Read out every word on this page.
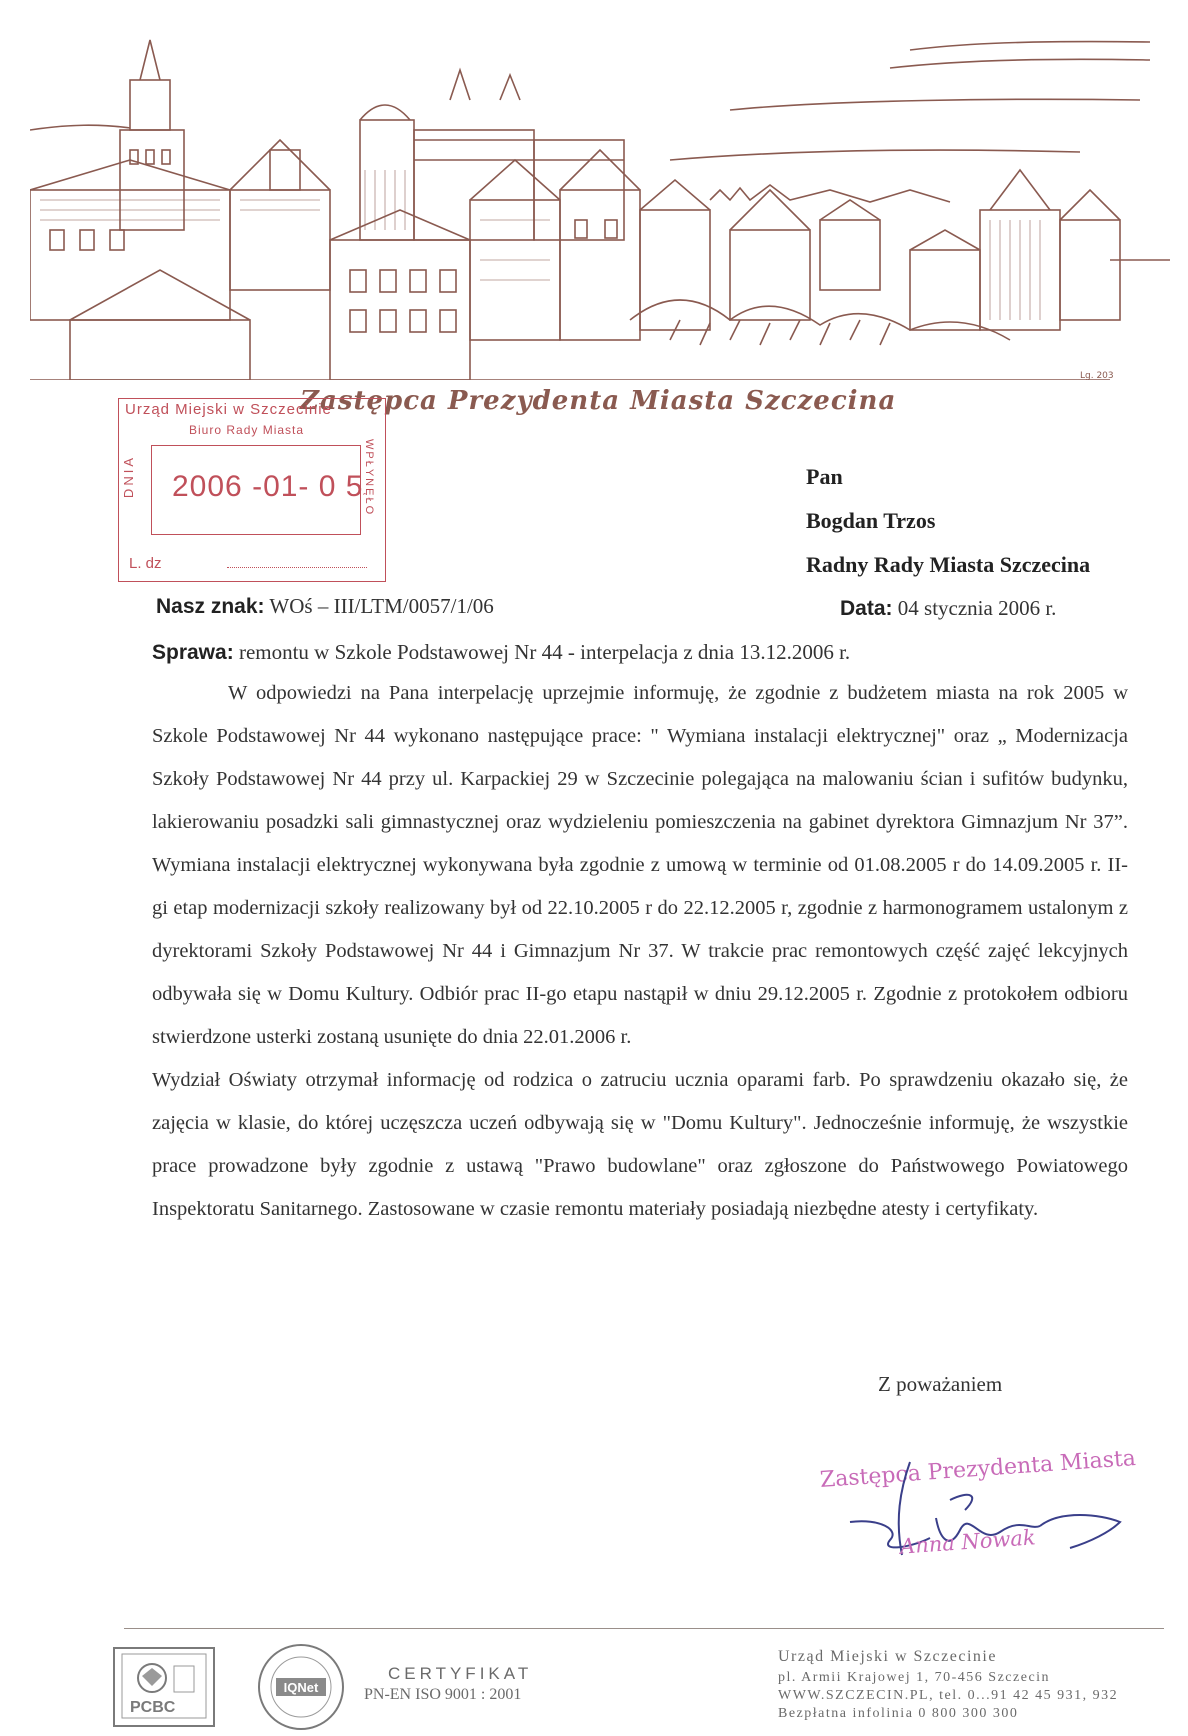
Lg. 203
Zastępca Prezydenta Miasta Szczecina
Urząd Miejski w Szczecinie
Biuro Rady Miasta
2006 -01- 0 5
DNIA	WPŁYNĘŁO
L. dz
Pan
Bogdan Trzos
Radny Rady Miasta Szczecina
Nasz znak: WOś – III/LTM/0057/1/06	Data: 04 stycznia 2006 r.
Sprawa: remontu w Szkole Podstawowej Nr 44 - interpelacja z dnia 13.12.2006 r.

W odpowiedzi na Pana interpelację uprzejmie informuję, że zgodnie z budżetem miasta na rok 2005 w Szkole Podstawowej Nr 44 wykonano następujące prace: " Wymiana instalacji elektrycznej" oraz „ Modernizacja Szkoły Podstawowej Nr 44 przy ul. Karpackiej 29 w Szczecinie polegająca na malowaniu ścian i sufitów budynku, lakierowaniu posadzki sali gimnastycznej oraz wydzieleniu pomieszczenia na gabinet dyrektora Gimnazjum Nr 37”. Wymiana instalacji elektrycznej wykonywana była zgodnie z umową w terminie od 01.08.2005 r do 14.09.2005 r. II-gi etap modernizacji szkoły realizowany był od 22.10.2005 r do 22.12.2005 r, zgodnie z harmonogramem ustalonym z dyrektorami Szkoły Podstawowej Nr 44 i Gimnazjum Nr 37. W trakcie prac remontowych część zajęć lekcyjnych odbywała się w Domu Kultury. Odbiór prac II-go etapu nastąpił w dniu 29.12.2005 r. Zgodnie z protokołem odbioru stwierdzone usterki zostaną usunięte do dnia 22.01.2006 r.

Wydział Oświaty otrzymał informację od rodzica o zatruciu ucznia oparami farb. Po sprawdzeniu okazało się, że zajęcia w klasie, do której uczęszcza uczeń odbywają się w "Domu Kultury". Jednocześnie informuję, że wszystkie prace prowadzone były zgodnie z ustawą "Prawo budowlane" oraz zgłoszone do Państwowego Powiatowego Inspektoratu Sanitarnego. Zastosowane w czasie remontu materiały posiadają niezbędne atesty i certyfikaty.

Z poważaniem
Zastępca Prezydenta Miasta
Anna Nowak
PCBC
IQNet
CERTYFIKAT
PN-EN ISO 9001 : 2001
Urząd Miejski w Szczecinie
pl. Armii Krajowej 1, 70-456 Szczecin
WWW.SZCZECIN.PL, tel. 0...91 42 45 931, 932
Bezpłatna infolinia 0 800 300 300
